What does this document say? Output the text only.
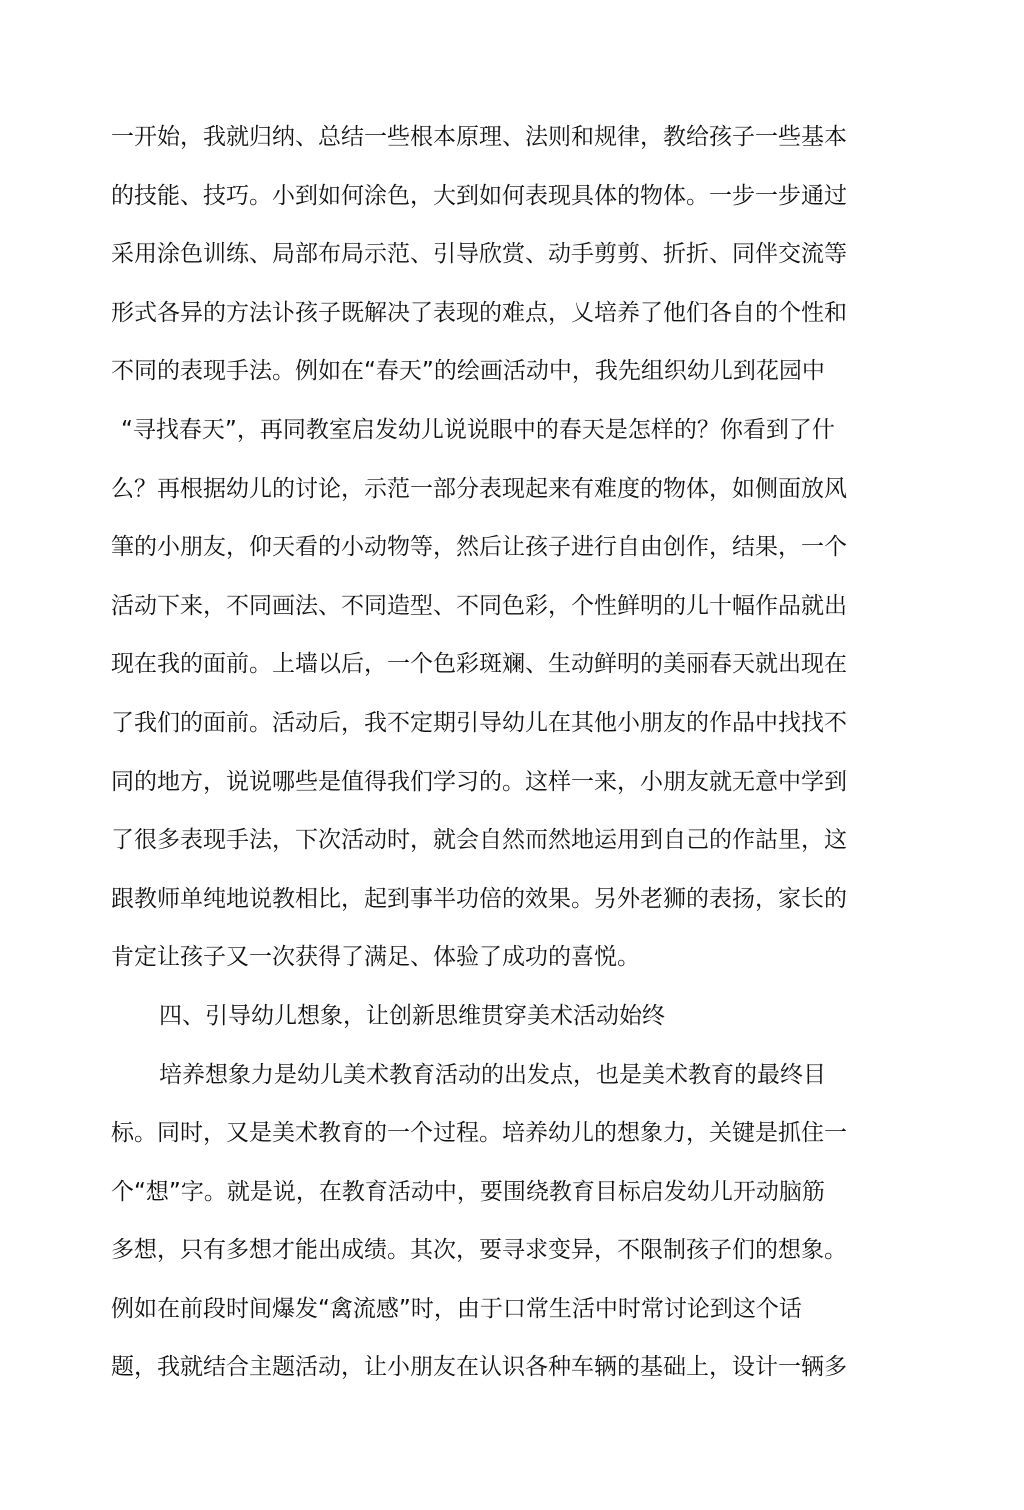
一开始，我就归纳、总结一些根本原理、法则和规律，教给孩子一些基本
的技能、技巧。小到如何涂色，大到如何表现具体的物体。一步一步通过
采用涂色训练、局部布局示范、引导欣赏、动手剪剪、折折、同伴交流等
形式各异的方法讣孩子既解决了表现的难点，乂培养了他们各自的个性和
不同的表现手法。例如在“春天”的绘画活动中，我先组织幼儿到花园中
“寻找春天”，再同教室启发幼儿说说眼中的春天是怎样的？你看到了什
么？再根据幼儿的讨论，示范一部分表现起来有难度的物体，如侧面放风
筆的小朋友，仰天看的小动物等，然后让孩子进行自由创作，结果，一个
活动下来，不同画法、不同造型、不同色彩，个性鲜明的儿十幅作品就出
现在我的面前。上墙以后，一个色彩斑斓、生动鲜明的美丽春天就出现在
了我们的面前。活动后，我不定期引导幼儿在其他小朋友的作品中找找不
同的地方，说说哪些是值得我们学习的。这样一来，小朋友就无意中学到
了很多表现手法，下次活动时，就会自然而然地运用到自己的作詁里，这
跟教师单纯地说教相比，起到事半功倍的效果。另外老狮的表扬，家长的
肯定让孩子又一次获得了满足、体验了成功的喜悦。
四、引导幼儿想象，让创新思维贯穿美术活动始终
培养想象力是幼儿美术教育活动的出发点，也是美术教育的最终目
标。同时，又是美术教育的一个过程。培养幼儿的想象力，关键是抓住一
个“想”字。就是说，在教育活动中，要围绕教育目标启发幼儿开动脑筋
多想，只有多想才能出成绩。其次，要寻求变异，不限制孩子们的想象。
例如在前段时间爆发“禽流感”时，由于口常生活中时常讨论到这个话
题，我就结合主题活动，让小朋友在认识各种车辆的基础上，设计一辆多
